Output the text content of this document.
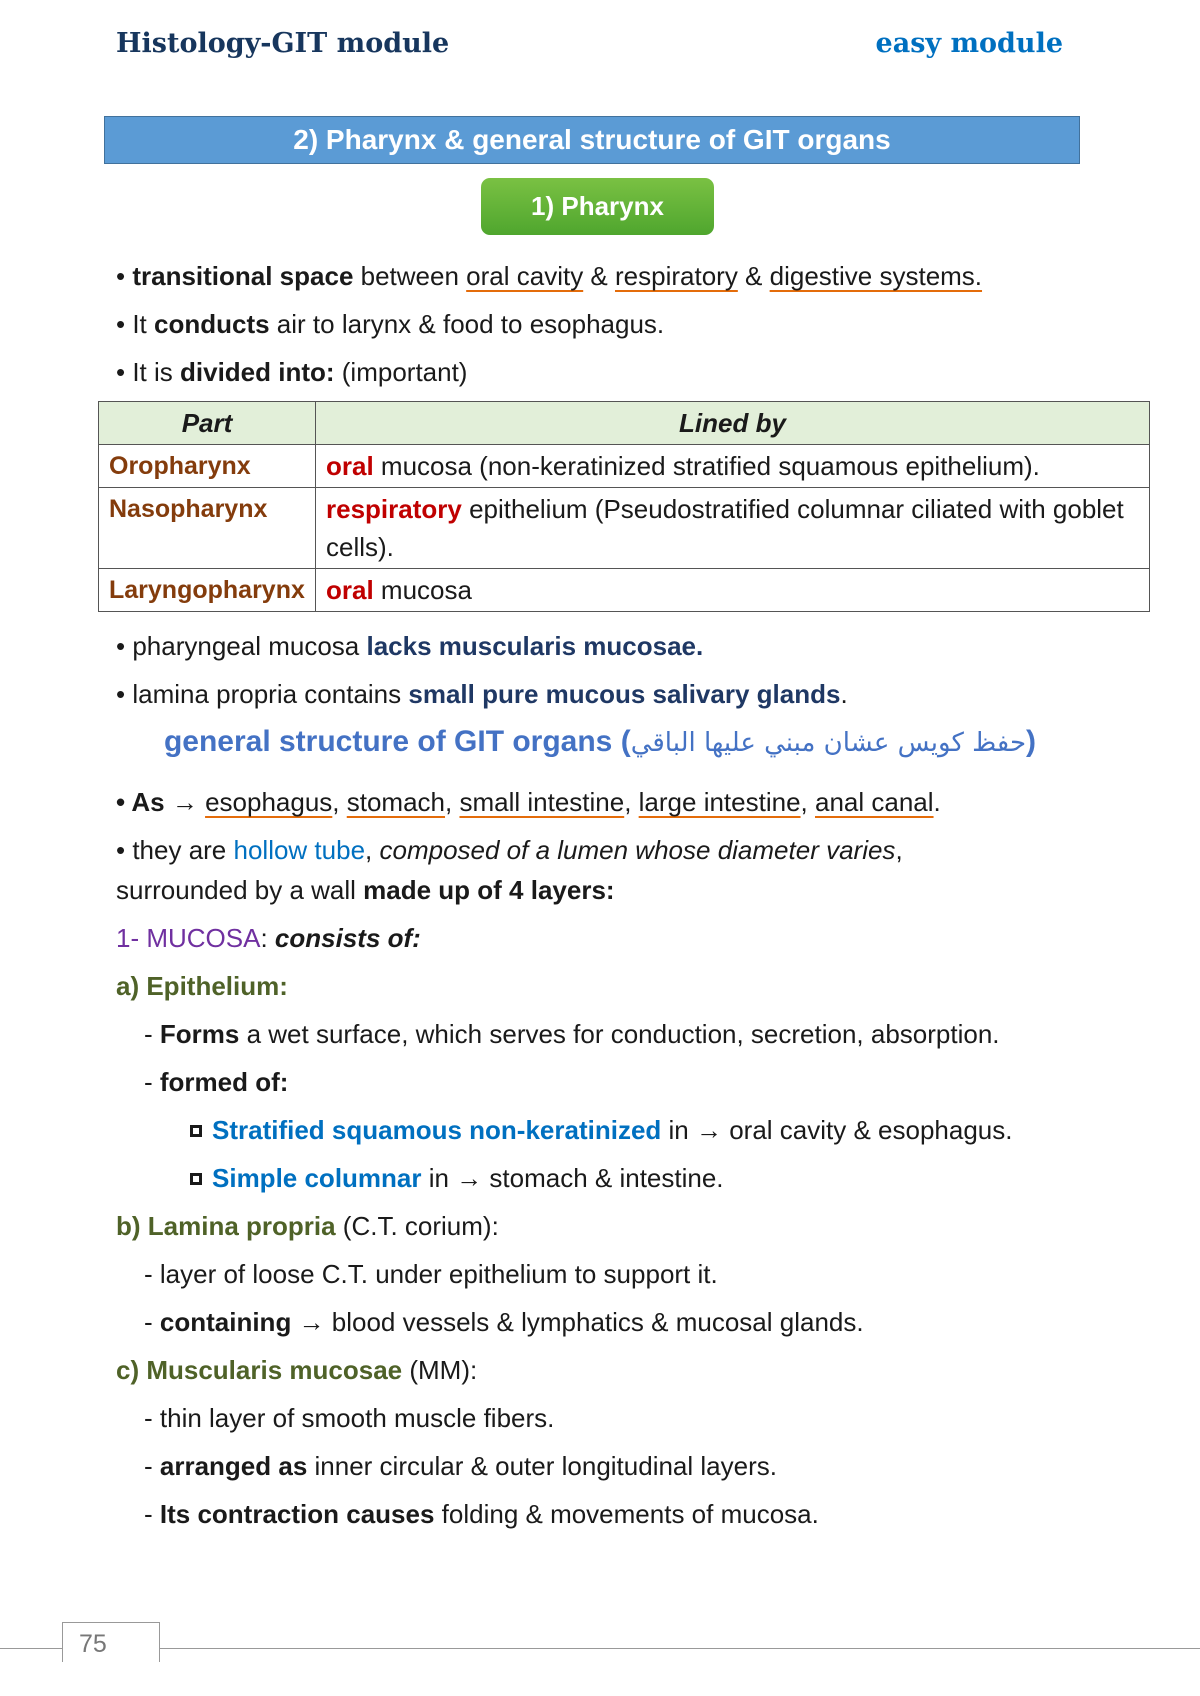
Histology-GIT module	easy module
2) Pharynx & general structure of GIT organs
1) Pharynx
• transitional space between oral cavity & respiratory & digestive systems.
• It conducts air to larynx & food to esophagus.
• It is divided into: (important)
Part	Lined by
Oropharynx	oral mucosa (non-keratinized stratified squamous epithelium).
Nasopharynx	respiratory epithelium (Pseudostratified columnar ciliated with goblet cells).
Laryngopharynx	oral mucosa
• pharyngeal mucosa lacks muscularis mucosae.
• lamina propria contains small pure mucous salivary glands.
general structure of GIT organs (حفظ كويس عشان مبني عليها الباقي)
• As → esophagus, stomach, small intestine, large intestine, anal canal.
• they are hollow tube, composed of a lumen whose diameter varies,
surrounded by a wall made up of 4 layers:
1- MUCOSA: consists of:
a) Epithelium:
- Forms a wet surface, which serves for conduction, secretion, absorption.
- formed of:
Stratified squamous non-keratinized in → oral cavity & esophagus.
Simple columnar in → stomach & intestine.
b) Lamina propria (C.T. corium):
- layer of loose C.T. under epithelium to support it.
- containing → blood vessels & lymphatics & mucosal glands.
c) Muscularis mucosae (MM):
- thin layer of smooth muscle fibers.
- arranged as inner circular & outer longitudinal layers.
- Its contraction causes folding & movements of mucosa.
75
